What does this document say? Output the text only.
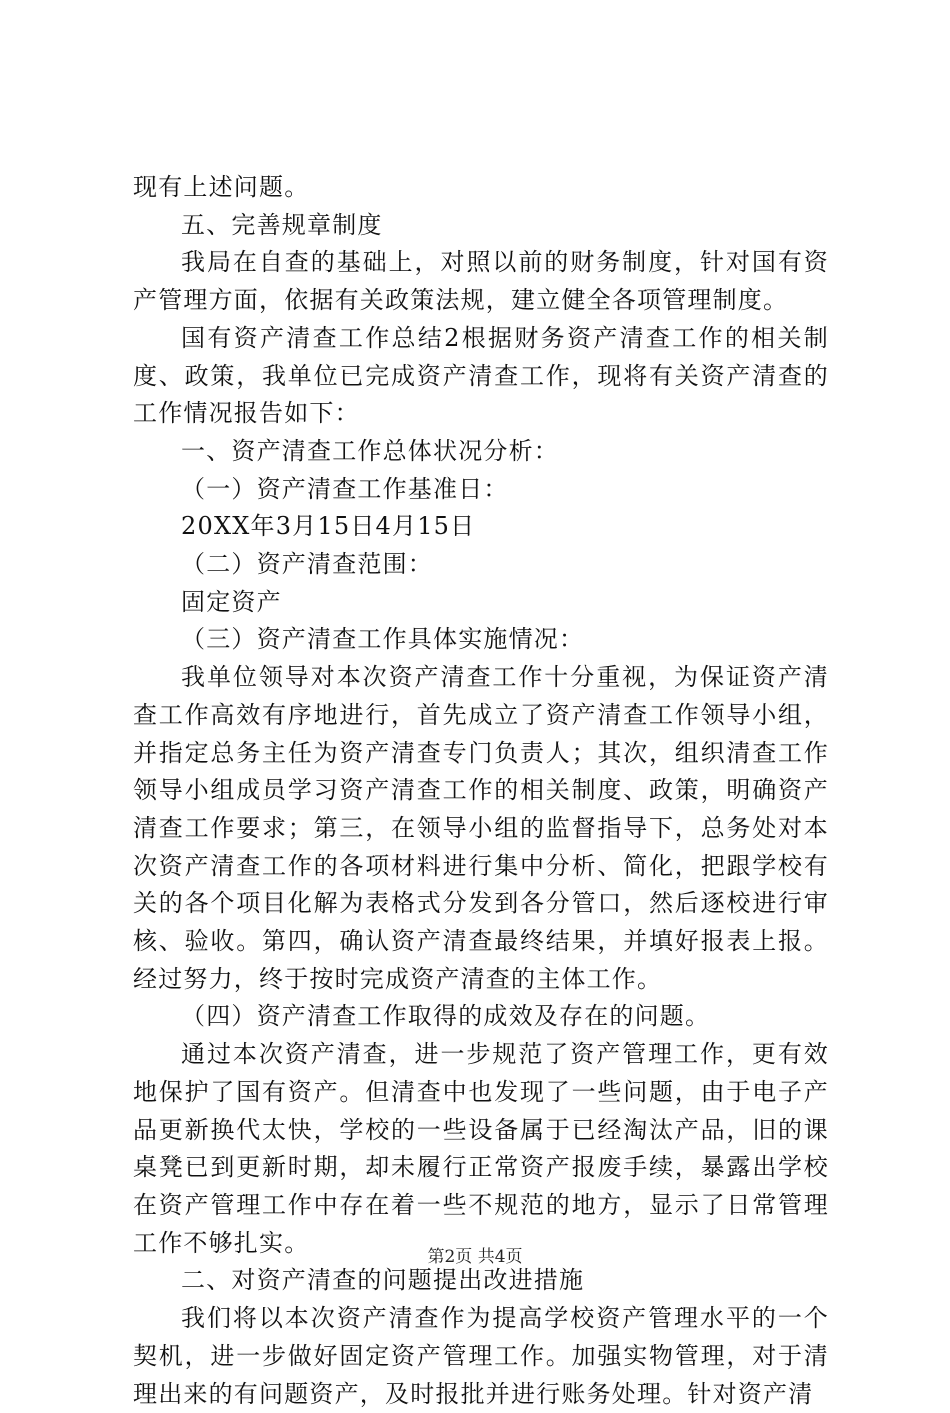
现有上述问题。

五、完善规章制度

我局在自查的基础上，对照以前的财务制度，针对国有资产管理方面，依据有关政策法规，建立健全各项管理制度。

国有资产清查工作总结2根据财务资产清查工作的相关制度、政策，我单位已完成资产清查工作，现将有关资产清查的工作情况报告如下：

一、资产清查工作总体状况分析：

（一）资产清查工作基准日：

20XX年3月15日4月15日

（二）资产清查范围：

固定资产

（三）资产清查工作具体实施情况：

我单位领导对本次资产清查工作十分重视，为保证资产清查工作高效有序地进行，首先成立了资产清查工作领导小组，并指定总务主任为资产清查专门负责人；其次，组织清查工作领导小组成员学习资产清查工作的相关制度、政策，明确资产清查工作要求；第三，在领导小组的监督指导下，总务处对本次资产清查工作的各项材料进行集中分析、简化，把跟学校有关的各个项目化解为表格式分发到各分管口，然后逐校进行审核、验收。第四，确认资产清查最终结果，并填好报表上报。经过努力，终于按时完成资产清查的主体工作。

（四）资产清查工作取得的成效及存在的问题。

通过本次资产清查，进一步规范了资产管理工作，更有效地保护了国有资产。但清查中也发现了一些问题，由于电子产品更新换代太快，学校的一些设备属于已经淘汰产品，旧的课桌凳已到更新时期，却未履行正常资产报废手续，暴露出学校在资产管理工作中存在着一些不规范的地方，显示了日常管理工作不够扎实。

二、对资产清查的问题提出改进措施

我们将以本次资产清查作为提高学校资产管理水平的一个契机，进一步做好固定资产管理工作。加强实物管理，对于清理出来的有问题资产，及时报批并进行账务处理。针对资产清

第2页 共4页
